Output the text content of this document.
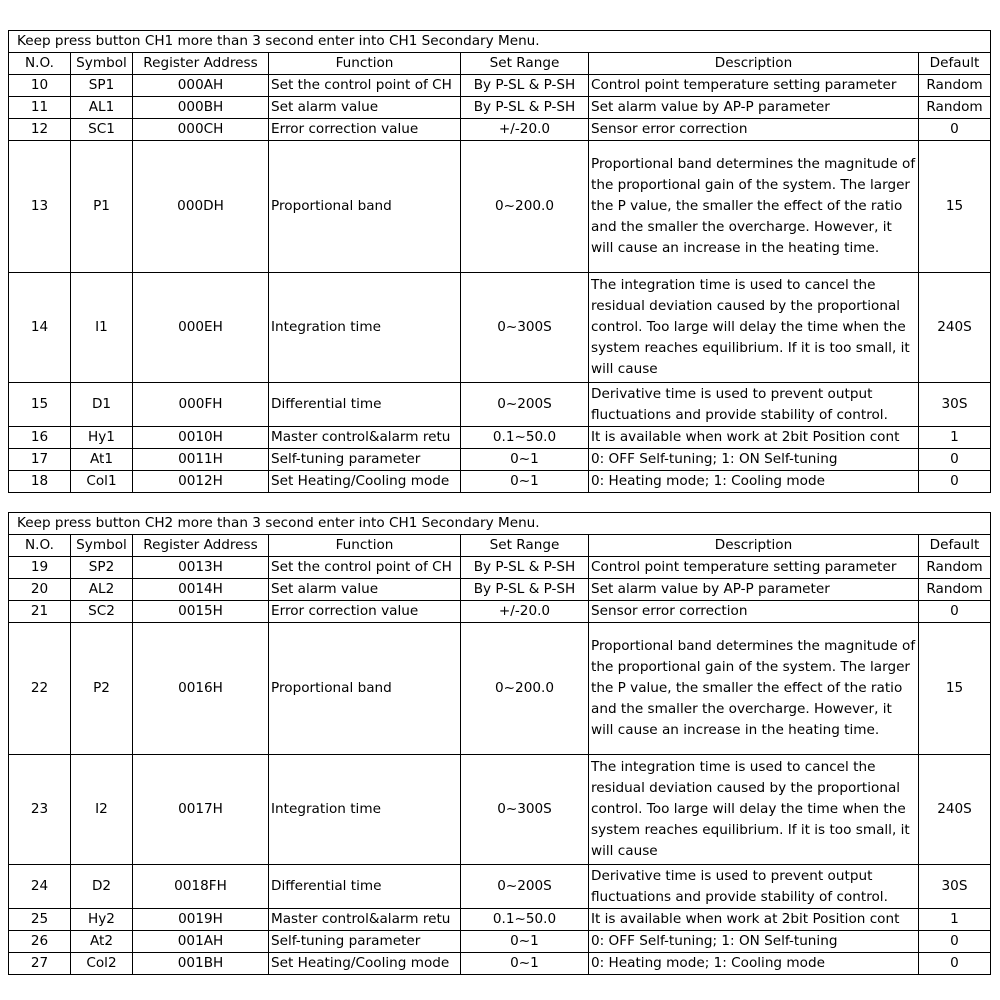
Keep press button CH1 more than 3 second enter into CH1 Secondary Menu.						
N.O.	Symbol	Register Address	Function	Set Range	Description	Default
10	SP1	000AH	Set the control point of CH	By P-SL & P-SH	Control point temperature setting parameter	Random
11	AL1	000BH	Set alarm value	By P-SL & P-SH	Set alarm value by AP-P parameter	Random
12	SC1	000CH	Error correction value	+/-20.0	Sensor error correction	0
13	P1	000DH	Proportional band	0~200.0	Proportional band determines the magnitude of the proportional gain of the system. The larger the P value, the smaller the effect of the ratio and the smaller the overcharge. However, it will cause an increase in the heating time.	15
14	I1	000EH	Integration time	0~300S	The integration time is used to cancel the residual deviation caused by the proportional control. Too large will delay the time when the system reaches equilibrium. If it is too small, it will cause	240S
15	D1	000FH	Differential time	0~200S	Derivative time is used to prevent output fluctuations and provide stability of control.	30S
16	Hy1	0010H	Master control&alarm retu	0.1~50.0	It is available when work at 2bit Position cont	1
17	At1	0011H	Self-tuning parameter	0~1	0: OFF Self-tuning; 1: ON Self-tuning	0
18	Col1	0012H	Set Heating/Cooling mode	0~1	0: Heating mode; 1: Cooling mode	0
Keep press button CH2 more than 3 second enter into CH1 Secondary Menu.						
N.O.	Symbol	Register Address	Function	Set Range	Description	Default
19	SP2	0013H	Set the control point of CH	By P-SL & P-SH	Control point temperature setting parameter	Random
20	AL2	0014H	Set alarm value	By P-SL & P-SH	Set alarm value by AP-P parameter	Random
21	SC2	0015H	Error correction value	+/-20.0	Sensor error correction	0
22	P2	0016H	Proportional band	0~200.0	Proportional band determines the magnitude of the proportional gain of the system. The larger the P value, the smaller the effect of the ratio and the smaller the overcharge. However, it will cause an increase in the heating time.	15
23	I2	0017H	Integration time	0~300S	The integration time is used to cancel the residual deviation caused by the proportional control. Too large will delay the time when the system reaches equilibrium. If it is too small, it will cause	240S
24	D2	0018FH	Differential time	0~200S	Derivative time is used to prevent output fluctuations and provide stability of control.	30S
25	Hy2	0019H	Master control&alarm retu	0.1~50.0	It is available when work at 2bit Position cont	1
26	At2	001AH	Self-tuning parameter	0~1	0: OFF Self-tuning; 1: ON Self-tuning	0
27	Col2	001BH	Set Heating/Cooling mode	0~1	0: Heating mode; 1: Cooling mode	0
